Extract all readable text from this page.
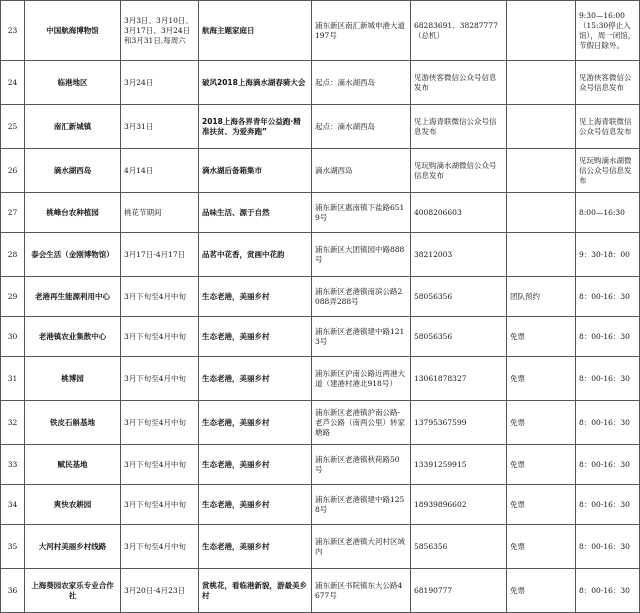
23	中国航海博物馆	3月3日、3月10日、3月17日、3月24日和3月31日,每周六	航海主题家庭日	浦东新区南汇新城申港大道197号	68283691、38287777（总机）		9:30—16:00（15:30停止入馆），周一闭馆，节假日除外。
24	临港地区	3月24日	破风2018上海滴水湖春骑大会	起点：滴水湖西岛	见游侠客微信公众号信息发布		见游侠客微信公众号信息发布
25	南汇新城镇	3月31日	2018上海各界青年公益跑·精准扶贫、为爱奔跑”	起点：滴水湖西岛	见上海青联微信公众号信息发布		见上海青联微信公众号信息发布
26	滴水湖西岛	4月14日	滴水湖后备箱集市	滴水湖西岛	见玩购滴水湖微信公众号信息发布		见玩购滴水湖微信公众号信息发布
27	桃峰台农种植园	桃花节期间	品味生活、源于自然	浦东新区惠南镇下盐路6519号	4008206603		8:00—16:30
28	泰会生活（金刚博物馆）	3月17日-4月17日	品茗中花香，赏画中花韵	浦东新区大团镇园中路888号	38212003		9：30-18：00
29	老港再生能源利用中心	3月下旬至4月中旬	生态老港，美丽乡村	浦东新区老港镇南滨公路2088弄288号	58056356	团队预约	8：00-16：30
30	老港镇农业集散中心	3月下旬至4月中旬	生态老港，美丽乡村	浦东新区老港镇建中路1213号	58056356	免票	8：00-16：30
31	桃博园	3月下旬至4月中旬	生态老港，美丽乡村	浦东新区沪南公路近两港大道（建港村港北918号）	13061878327	免票	8：00-16：30
32	铁皮石斛基地	3月下旬至4月中旬	生态老港，美丽乡村	浦东新区老港镇沪南公路-老芦公路（南两公里）转家塘路	13795367599	免票	8：00-16：30
33	赋民基地	3月下旬至4月中旬	生态老港，美丽乡村	浦东新区老港镇秋荷路50号	13391259915	免票	8：00-16：30
34	爽快农耕园	3月下旬至4月中旬	生态老港，美丽乡村	浦东新区老港镇建中路1258号	18939896602	免票	8：00-16：30
35	大河村美丽乡村线路	3月下旬至4月中旬	生态老港，美丽乡村	浦东新区老港镇大河村区域内	5856356	免票	8：00-16：30
36	上海葵园农家乐专业合作社	3月20日-4月23日	赏桃花，看临港新貌，游最美乡村	浦东新区书院镇东大公路4677号	68190777	免票	8：00-16：30
